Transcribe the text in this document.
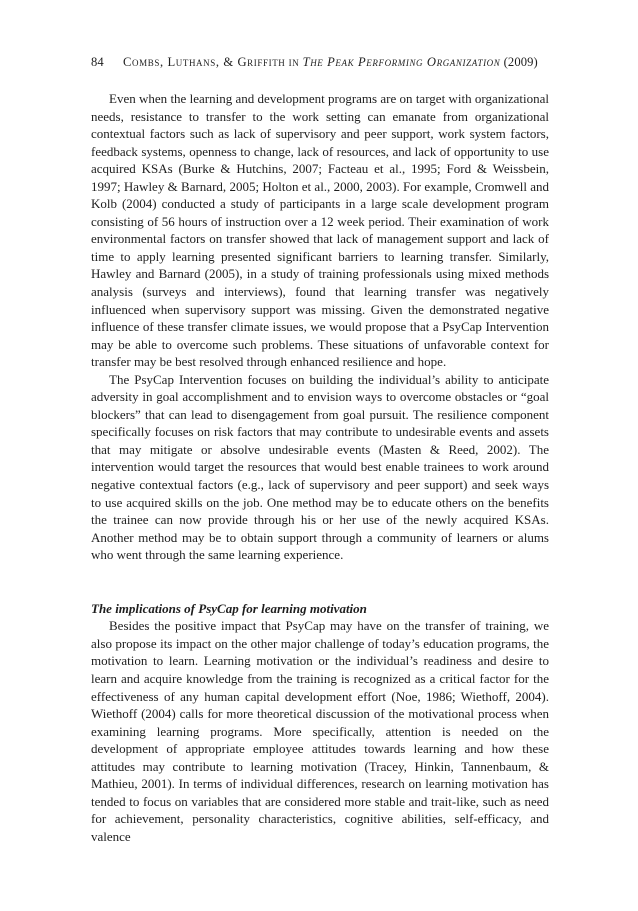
84 Combs, Luthans, & Griffith in The Peak Performing Organization (2009)

Even when the learning and development programs are on target with organizational needs, resistance to transfer to the work setting can emanate from organizational contextual factors such as lack of supervisory and peer support, work system factors, feedback systems, openness to change, lack of resources, and lack of opportunity to use acquired KSAs (Burke & Hutchins, 2007; Facteau et al., 1995; Ford & Weissbein, 1997; Hawley & Barnard, 2005; Holton et al., 2000, 2003). For example, Cromwell and Kolb (2004) conducted a study of participants in a large scale development program consisting of 56 hours of instruction over a 12 week period. Their examination of work environmental factors on transfer showed that lack of management support and lack of time to apply learning presented significant barriers to learning transfer. Similarly, Hawley and Barnard (2005), in a study of training professionals using mixed methods analysis (surveys and interviews), found that learning transfer was negatively influenced when supervisory support was missing. Given the demonstrated negative influence of these transfer climate issues, we would propose that a PsyCap Intervention may be able to overcome such problems. These situations of unfavorable context for transfer may be best resolved through enhanced resilience and hope.

The PsyCap Intervention focuses on building the individual’s ability to anticipate adversity in goal accomplishment and to envision ways to overcome obstacles or “goal blockers” that can lead to disengagement from goal pursuit. The resilience component specifically focuses on risk factors that may contribute to undesirable events and assets that may mitigate or absolve undesirable events (Masten & Reed, 2002). The intervention would target the resources that would best enable trainees to work around negative contextual factors (e.g., lack of supervisory and peer support) and seek ways to use acquired skills on the job. One method may be to educate others on the benefits the trainee can now provide through his or her use of the newly acquired KSAs. Another method may be to obtain support through a community of learners or alums who went through the same learning experience.

The implications of PsyCap for learning motivation

Besides the positive impact that PsyCap may have on the transfer of training, we also propose its impact on the other major challenge of today’s education programs, the motivation to learn. Learning motivation or the individual’s readiness and desire to learn and acquire knowledge from the training is recognized as a critical factor for the effectiveness of any human capital development effort (Noe, 1986; Wiethoff, 2004). Wiethoff (2004) calls for more theoretical discussion of the motivational process when examining learning programs. More specifically, attention is needed on the development of appropriate employee attitudes towards learning and how these attitudes may contribute to learning motivation (Tracey, Hinkin, Tannenbaum, & Mathieu, 2001). In terms of individual differences, research on learning motivation has tended to focus on variables that are considered more stable and trait-like, such as need for achievement, personality characteristics, cognitive abilities, self-efficacy, and valence
